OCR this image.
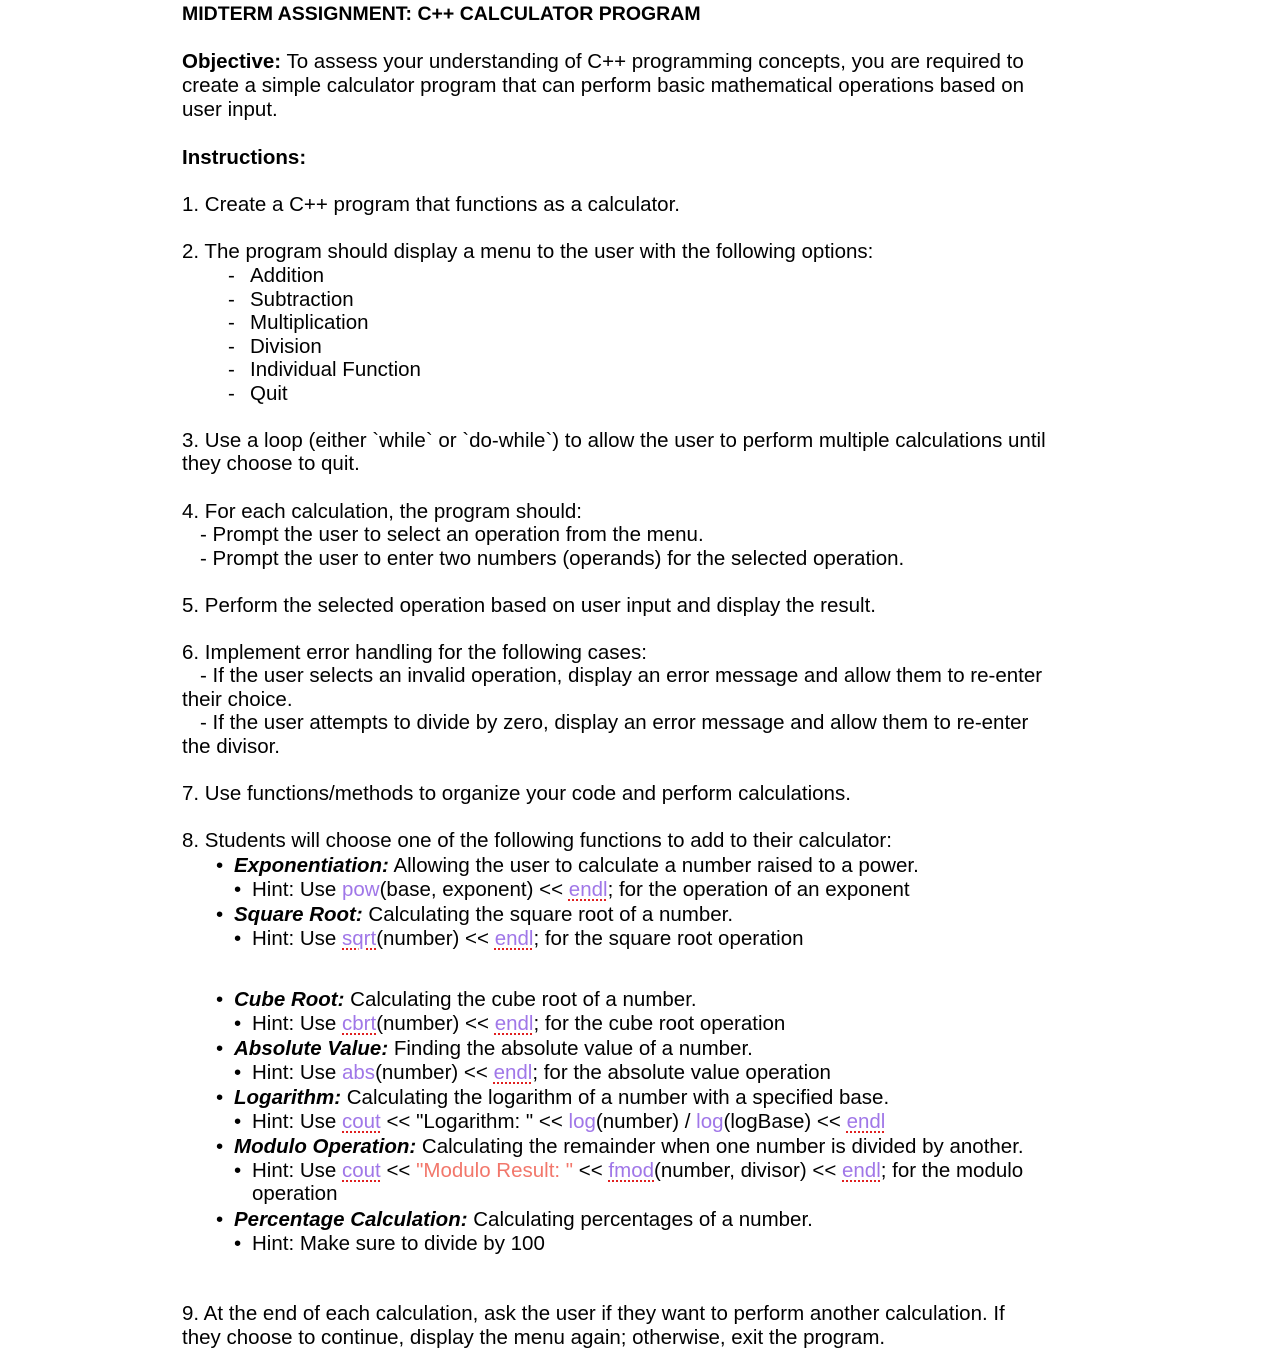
MIDTERM ASSIGNMENT: C++ CALCULATOR PROGRAM
Objective: To assess your understanding of C++ programming concepts, you are required to
create a simple calculator program that can perform basic mathematical operations based on
user input.
Instructions:
1. Create a C++ program that functions as a calculator.
2. The program should display a menu to the user with the following options:
- Addition
- Subtraction
- Multiplication
- Division
- Individual Function
- Quit
3. Use a loop (either `while` or `do-while`) to allow the user to perform multiple calculations until
they choose to quit.
4. For each calculation, the program should:
- Prompt the user to select an operation from the menu.
- Prompt the user to enter two numbers (operands) for the selected operation.
5. Perform the selected operation based on user input and display the result.
6. Implement error handling for the following cases:
- If the user selects an invalid operation, display an error message and allow them to re-enter
their choice.
- If the user attempts to divide by zero, display an error message and allow them to re-enter
the divisor.
7. Use functions/methods to organize your code and perform calculations.
8. Students will choose one of the following functions to add to their calculator:
• Exponentiation: Allowing the user to calculate a number raised to a power.
• Hint: Use pow(base, exponent) << endl; for the operation of an exponent
• Square Root: Calculating the square root of a number.
• Hint: Use sqrt(number) << endl; for the square root operation
• Cube Root: Calculating the cube root of a number.
• Hint: Use cbrt(number) << endl; for the cube root operation
• Absolute Value: Finding the absolute value of a number.
• Hint: Use abs(number) << endl; for the absolute value operation
• Logarithm: Calculating the logarithm of a number with a specified base.
• Hint: Use cout << "Logarithm: " << log(number) / log(logBase) << endl
• Modulo Operation: Calculating the remainder when one number is divided by another.
• Hint: Use cout << "Modulo Result: " << fmod(number, divisor) << endl; for the modulo
operation
• Percentage Calculation: Calculating percentages of a number.
• Hint: Make sure to divide by 100
9. At the end of each calculation, ask the user if they want to perform another calculation. If
they choose to continue, display the menu again; otherwise, exit the program.
